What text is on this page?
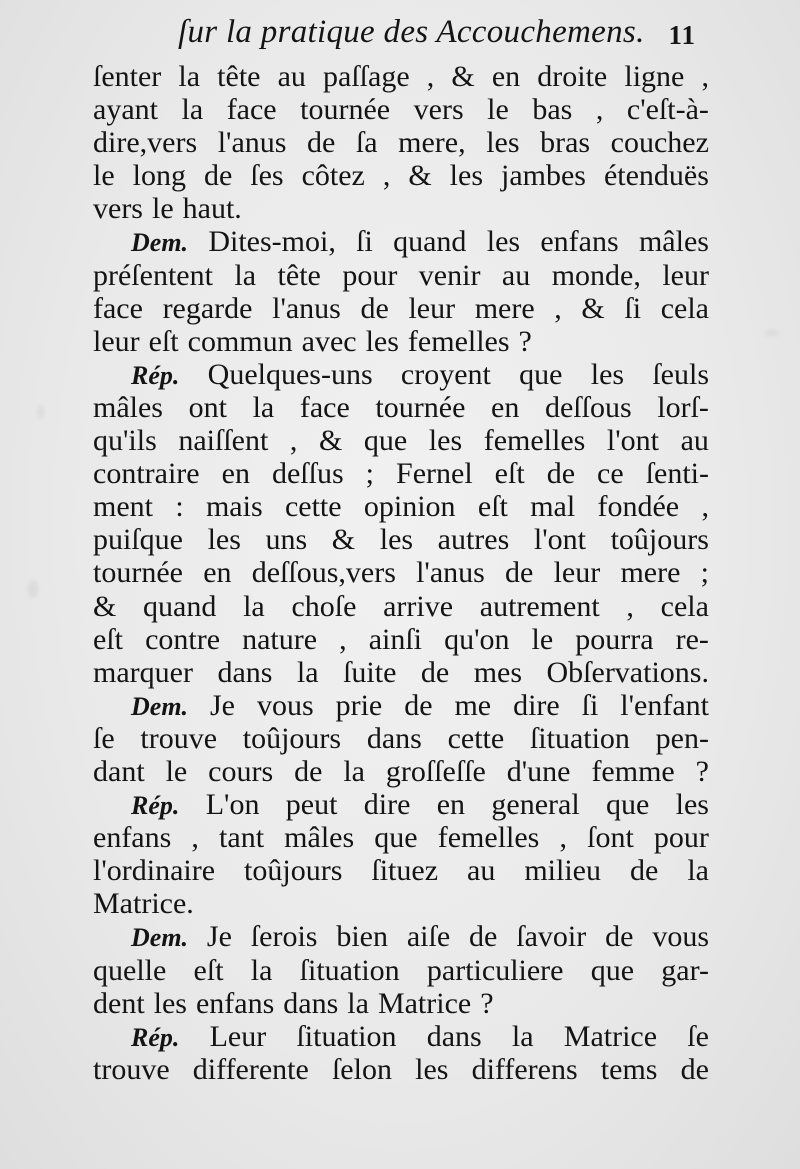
ſur la pratique des Accouchemens. 11
ſenter la tête au paſſage , & en droite ligne ,
ayant la face tournée vers le bas , c'eſt-à-
dire,vers l'anus de ſa mere, les bras couchez
le long de ſes côtez , & les jambes étenduës
vers le haut.
Dem. Dites-moi, ſi quand les enfans mâles
préſentent la tête pour venir au monde, leur
face regarde l'anus de leur mere , & ſi cela
leur eſt commun avec les femelles ?
Rép. Quelques-uns croyent que les ſeuls
mâles ont la face tournée en deſſous lorſ-
qu'ils naiſſent , & que les femelles l'ont au
contraire en deſſus ; Fernel eſt de ce ſenti-
ment : mais cette opinion eſt mal fondée ,
puiſque les uns & les autres l'ont toûjours
tournée en deſſous,vers l'anus de leur mere ;
& quand la choſe arrive autrement , cela
eſt contre nature , ainſi qu'on le pourra re-
marquer dans la ſuite de mes Obſervations.
Dem. Je vous prie de me dire ſi l'enfant
ſe trouve toûjours dans cette ſituation pen-
dant le cours de la groſſeſſe d'une femme ?
Rép. L'on peut dire en general que les
enfans , tant mâles que femelles , ſont pour
l'ordinaire toûjours ſituez au milieu de la
Matrice.
Dem. Je ſerois bien aiſe de ſavoir de vous
quelle eſt la ſituation particuliere que gar-
dent les enfans dans la Matrice ?
Rép. Leur ſituation dans la Matrice ſe
trouve differente ſelon les differens tems de
